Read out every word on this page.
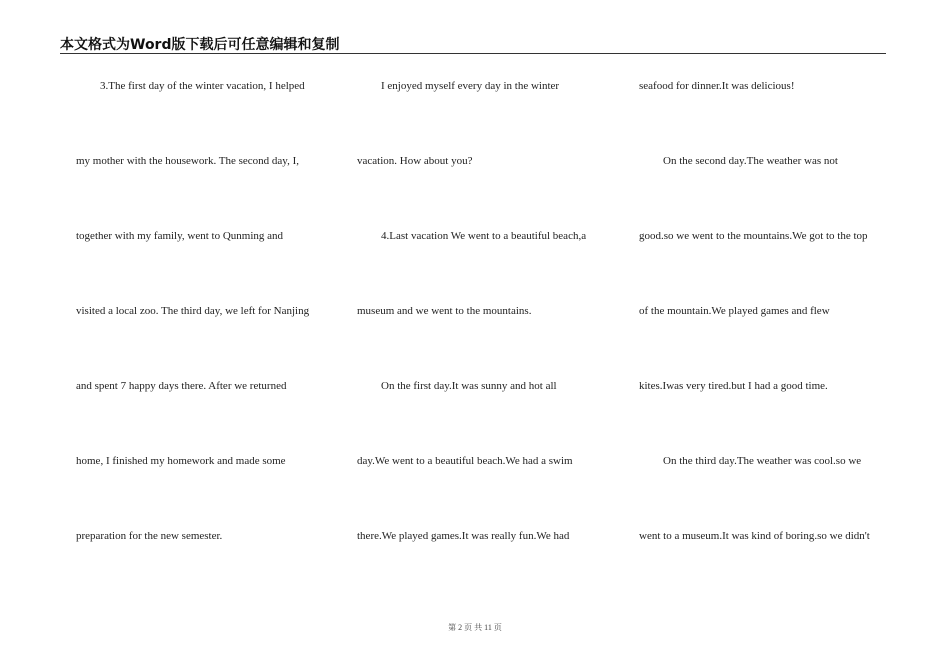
本文格式为Word版下载后可任意编辑和复制
3.The first day of the winter vacation, I helped
my mother with the housework. The second day, I,
together with my family, went to Qunming and
visited a local zoo. The third day, we left for Nanjing
and spent 7 happy days there. After we returned
home, I finished my homework and made some
preparation for the new semester.
I enjoyed myself every day in the winter
vacation. How about you?
4.Last vacation We went to a beautiful beach,a
museum and we went to the mountains.
On the first day.It was sunny and hot all
day.We went to a beautiful beach.We had a swim
there.We played games.It was really fun.We had
seafood for dinner.It was delicious!
On the second day.The weather was not
good.so we went to the mountains.We got to the top
of the mountain.We played games and flew
kites.Iwas very tired.but I had a good time.
On the third day.The weather was cool.so we
went to a museum.It was kind of boring.so we didn't
第 2 页 共 11 页
